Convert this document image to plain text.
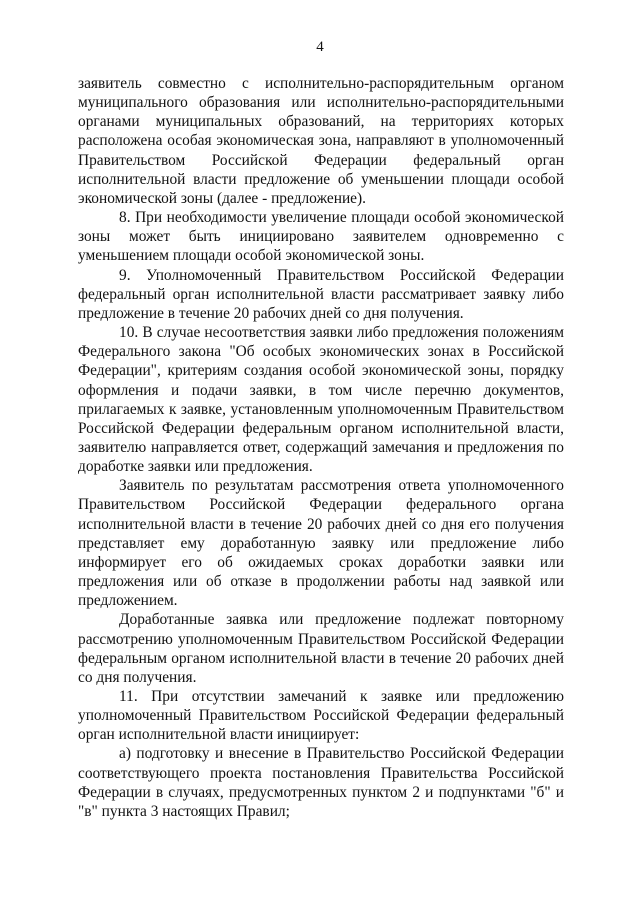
4

заявитель совместно с исполнительно-распорядительным органом муниципального образования или исполнительно-распорядительными органами муниципальных образований, на территориях которых расположена особая экономическая зона, направляют в уполномоченный Правительством Российской Федерации федеральный орган исполнительной власти предложение об уменьшении площади особой экономической зоны (далее - предложение).

8. При необходимости увеличение площади особой экономической зоны может быть инициировано заявителем одновременно с уменьшением площади особой экономической зоны.

9. Уполномоченный Правительством Российской Федерации федеральный орган исполнительной власти рассматривает заявку либо предложение в течение 20 рабочих дней со дня получения.

10. В случае несоответствия заявки либо предложения положениям Федерального закона "Об особых экономических зонах в Российской Федерации", критериям создания особой экономической зоны, порядку оформления и подачи заявки, в том числе перечню документов, прилагаемых к заявке, установленным уполномоченным Правительством Российской Федерации федеральным органом исполнительной власти, заявителю направляется ответ, содержащий замечания и предложения по доработке заявки или предложения.

Заявитель по результатам рассмотрения ответа уполномоченного Правительством Российской Федерации федерального органа исполнительной власти в течение 20 рабочих дней со дня его получения представляет ему доработанную заявку или предложение либо информирует его об ожидаемых сроках доработки заявки или предложения или об отказе в продолжении работы над заявкой или предложением.

Доработанные заявка или предложение подлежат повторному рассмотрению уполномоченным Правительством Российской Федерации федеральным органом исполнительной власти в течение 20 рабочих дней со дня получения.

11. При отсутствии замечаний к заявке или предложению уполномоченный Правительством Российской Федерации федеральный орган исполнительной власти инициирует:

а) подготовку и внесение в Правительство Российской Федерации соответствующего проекта постановления Правительства Российской Федерации в случаях, предусмотренных пунктом 2 и подпунктами "б" и "в" пункта 3 настоящих Правил;
